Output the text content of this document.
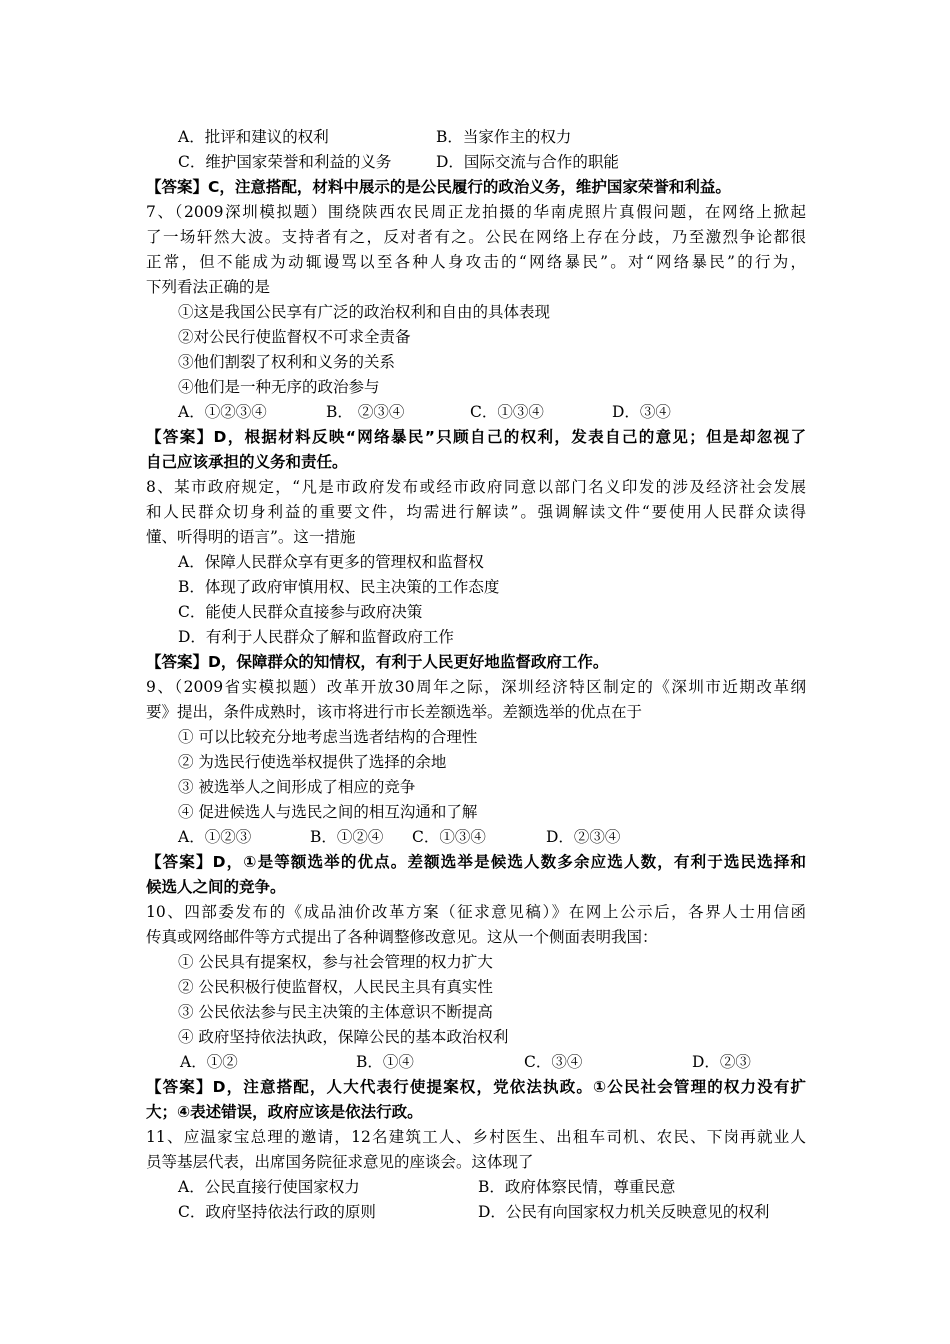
A．批评和建议的权利	B．当家作主的权力
C．维护国家荣誉和利益的义务	D．国际交流与合作的职能
【答案】C，注意搭配，材料中展示的是公民履行的政治义务，维护国家荣誉和利益。
7、（2009深圳模拟题）围绕陕西农民周正龙拍摄的华南虎照片真假问题，在网络上掀起
了一场轩然大波。支持者有之，反对者有之。公民在网络上存在分歧，乃至激烈争论都很
正常，但不能成为动辄谩骂以至各种人身攻击的“网络暴民”。对“网络暴民”的行为，
下列看法正确的是
①这是我国公民享有广泛的政治权利和自由的具体表现
②对公民行使监督权不可求全责备
③他们割裂了权利和义务的关系
④他们是一种无序的政治参与
A．①②③④	B． ②③④	C．①③④	D．③④
【答案】D，根据材料反映“网络暴民”只顾自己的权利，发表自己的意见；但是却忽视了
自己应该承担的义务和责任。
8、某市政府规定，“凡是市政府发布或经市政府同意以部门名义印发的涉及经济社会发展
和人民群众切身利益的重要文件，均需进行解读”。强调解读文件“要使用人民群众读得
懂、听得明的语言”。这一措施
A．保障人民群众享有更多的管理权和监督权
B．体现了政府审慎用权、民主决策的工作态度
C．能使人民群众直接参与政府决策
D．有利于人民群众了解和监督政府工作
【答案】D，保障群众的知情权，有利于人民更好地监督政府工作。
9、（2009省实模拟题）改革开放30周年之际，深圳经济特区制定的《深圳市近期改革纲
要》提出，条件成熟时，该市将进行市长差额选举。差额选举的优点在于
① 可以比较充分地考虑当选者结构的合理性
② 为选民行使选举权提供了选择的余地
③ 被选举人之间形成了相应的竞争
④ 促进候选人与选民之间的相互沟通和了解
A．①②③	B．①②④ C．①③④	D．②③④
【答案】D，①是等额选举的优点。差额选举是候选人数多余应选人数，有利于选民选择和
候选人之间的竞争。
10、四部委发布的《成品油价改革方案（征求意见稿）》在网上公示后，各界人士用信函
传真或网络邮件等方式提出了各种调整修改意见。这从一个侧面表明我国：
① 公民具有提案权，参与社会管理的权力扩大
② 公民积极行使监督权，人民民主具有真实性
③ 公民依法参与民主决策的主体意识不断提高
④ 政府坚持依法执政，保障公民的基本政治权利
A．①②	B．①④	C．③④	D．②③
【答案】D，注意搭配，人大代表行使提案权，党依法执政。①公民社会管理的权力没有扩
大；④表述错误，政府应该是依法行政。
11、应温家宝总理的邀请，12名建筑工人、乡村医生、出租车司机、农民、下岗再就业人
员等基层代表，出席国务院征求意见的座谈会。这体现了
A．公民直接行使国家权力	B．政府体察民情，尊重民意
C．政府坚持依法行政的原则	D．公民有向国家权力机关反映意见的权利
